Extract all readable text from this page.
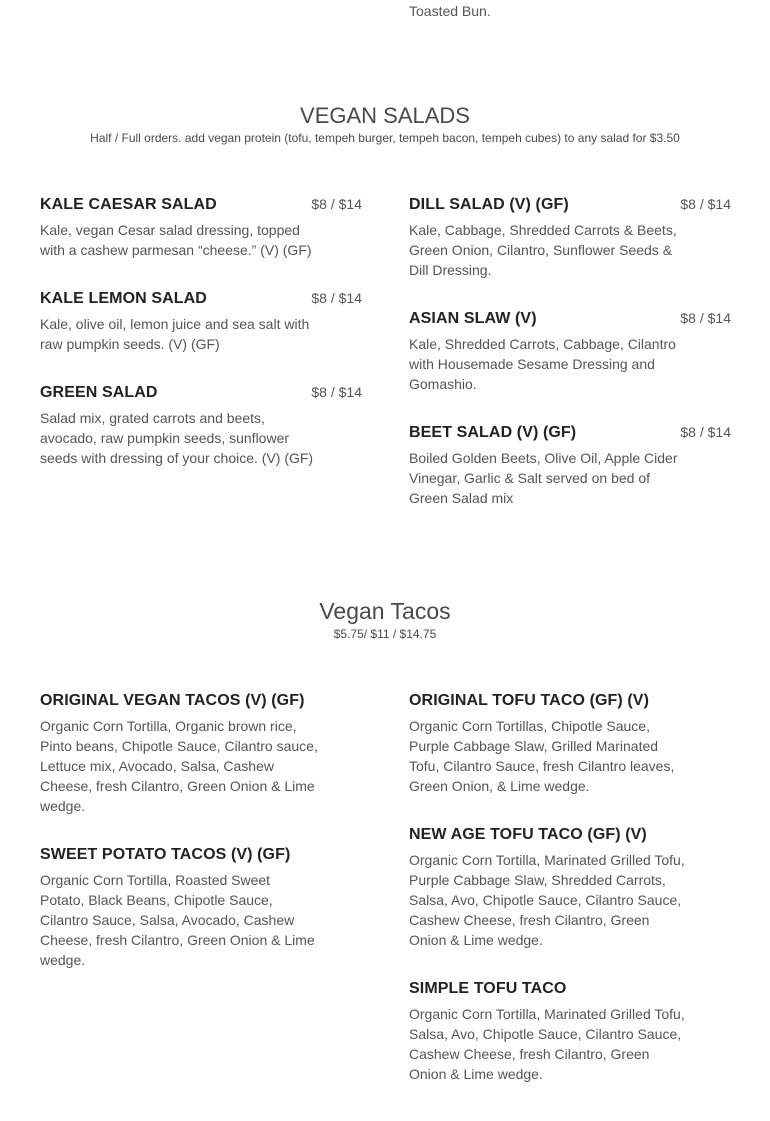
Toasted Bun.
VEGAN SALADS
Half / Full orders. add vegan protein (tofu, tempeh burger, tempeh bacon, tempeh cubes) to any salad for $3.50
KALE CAESAR SALAD	$8 / $14
Kale, vegan Cesar salad dressing, topped with a cashew parmesan “cheese.” (V) (GF)
KALE LEMON SALAD	$8 / $14
Kale, olive oil, lemon juice and sea salt with raw pumpkin seeds. (V) (GF)
GREEN SALAD	$8 / $14
Salad mix, grated carrots and beets, avocado, raw pumpkin seeds, sunflower seeds with dressing of your choice. (V) (GF)
DILL SALAD (V) (GF)	$8 / $14
Kale, Cabbage, Shredded Carrots & Beets, Green Onion, Cilantro, Sunflower Seeds & Dill Dressing.
ASIAN SLAW (V)	$8 / $14
Kale, Shredded Carrots, Cabbage, Cilantro with Housemade Sesame Dressing and Gomashio.
BEET SALAD (V) (GF)	$8 / $14
Boiled Golden Beets, Olive Oil, Apple Cider Vinegar, Garlic & Salt served on bed of Green Salad mix
Vegan Tacos
$5.75/ $11 / $14.75
ORIGINAL VEGAN TACOS (V) (GF)
Organic Corn Tortilla, Organic brown rice, Pinto beans, Chipotle Sauce, Cilantro sauce, Lettuce mix, Avocado, Salsa, Cashew Cheese, fresh Cilantro, Green Onion & Lime wedge.
SWEET POTATO TACOS (V) (GF)
Organic Corn Tortilla, Roasted Sweet Potato, Black Beans, Chipotle Sauce, Cilantro Sauce, Salsa, Avocado, Cashew Cheese, fresh Cilantro, Green Onion & Lime wedge.
ORIGINAL TOFU TACO (GF) (V)
Organic Corn Tortillas, Chipotle Sauce, Purple Cabbage Slaw, Grilled Marinated Tofu, Cilantro Sauce, fresh Cilantro leaves, Green Onion, & Lime wedge.
NEW AGE TOFU TACO (GF) (V)
Organic Corn Tortilla, Marinated Grilled Tofu, Purple Cabbage Slaw, Shredded Carrots, Salsa, Avo, Chipotle Sauce, Cilantro Sauce, Cashew Cheese, fresh Cilantro, Green Onion & Lime wedge.
SIMPLE TOFU TACO
Organic Corn Tortilla, Marinated Grilled Tofu, Salsa, Avo, Chipotle Sauce, Cilantro Sauce, Cashew Cheese, fresh Cilantro, Green Onion & Lime wedge.
